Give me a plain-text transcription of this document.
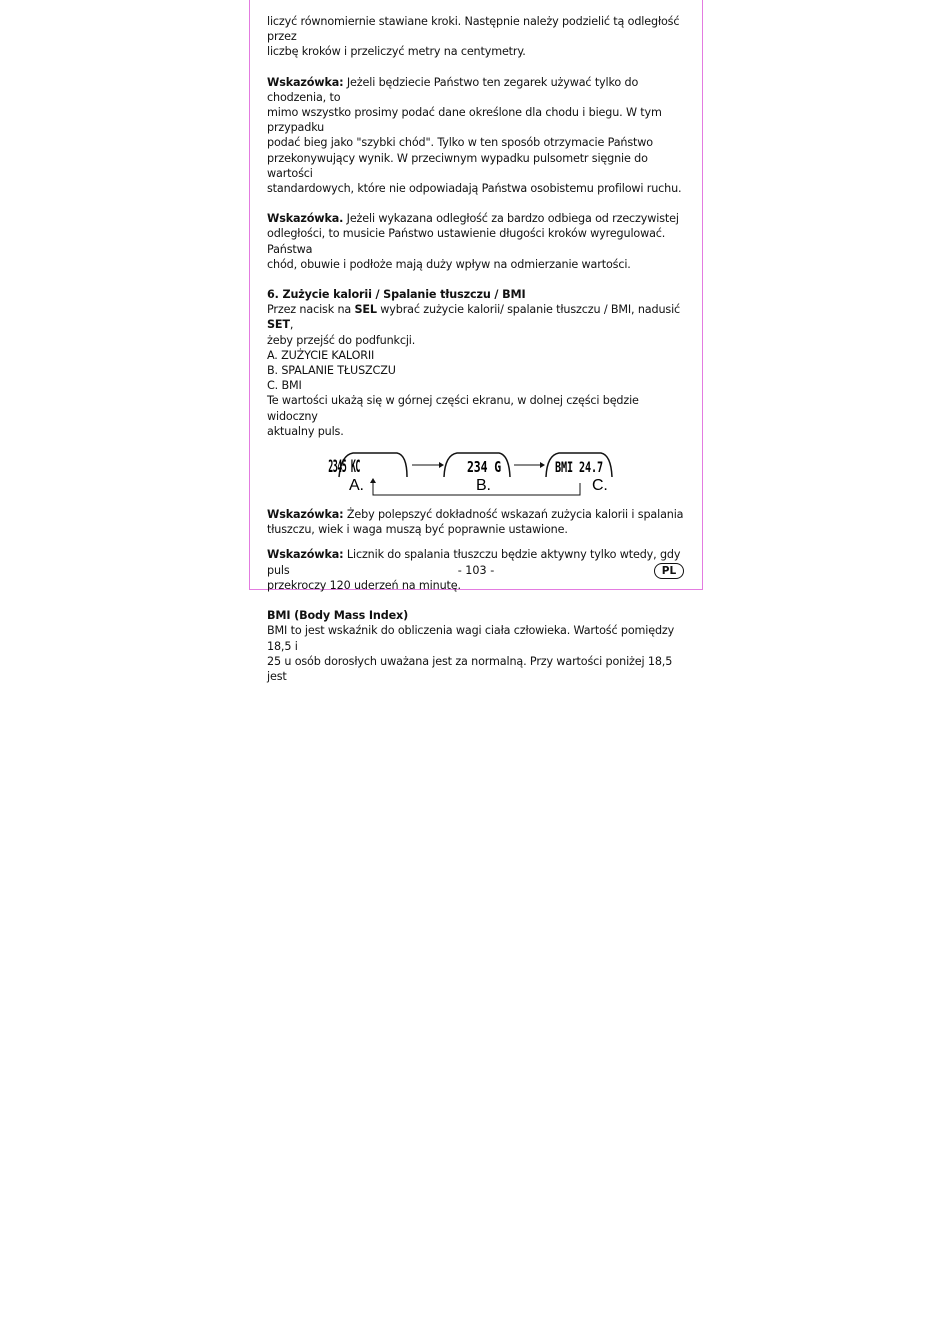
liczyć równomiernie stawiane kroki. Następnie należy podzielić tą odległość przez

liczbę kroków i przeliczyć metry na centymetry.

Wskazówka: Jeżeli będziecie Państwo ten zegarek używać tylko do chodzenia, to

mimo wszystko prosimy podać dane określone dla chodu i biegu. W tym przypadku

podać bieg jako "szybki chód". Tylko w ten sposób otrzymacie Państwo

przekonywujący wynik. W przeciwnym wypadku pulsometr sięgnie do wartości

standardowych, które nie odpowiadają Państwa osobistemu profilowi ruchu.

Wskazówka. Jeżeli wykazana odległość za bardzo odbiega od rzeczywistej

odległości, to musicie Państwo ustawienie długości kroków wyregulować. Państwa

chód, obuwie i podłoże mają duży wpływ na odmierzanie wartości.

6. Zużycie kalorii / Spalanie tłuszczu / BMI

Przez nacisk na SEL wybrać zużycie kalorii/ spalanie tłuszczu / BMI, nadusić SET,

żeby przejść do podfunkcji.

A. ZUŻYCIE KALORII

B. SPALANIE TŁUSZCZU

C. BMI

Te wartości ukażą się w górnej części ekranu, w dolnej części będzie widoczny

aktualny puls.

2345 KC	234 G	BMI 24.7
A.	B.	C.

Wskazówka: Żeby polepszyć dokładność wskazań zużycia kalorii i spalania

tłuszczu, wiek i waga muszą być poprawnie ustawione.

Wskazówka: Licznik do spalania tłuszczu będzie aktywny tylko wtedy, gdy puls

przekroczy 120 uderzeń na minutę.

BMI (Body Mass Index)

BMI to jest wskaźnik do obliczenia wagi ciała człowieka. Wartość pomiędzy 18,5 i

25 u osób dorosłych uważana jest za normalną. Przy wartości poniżej 18,5 jest

- 103 -	PL
